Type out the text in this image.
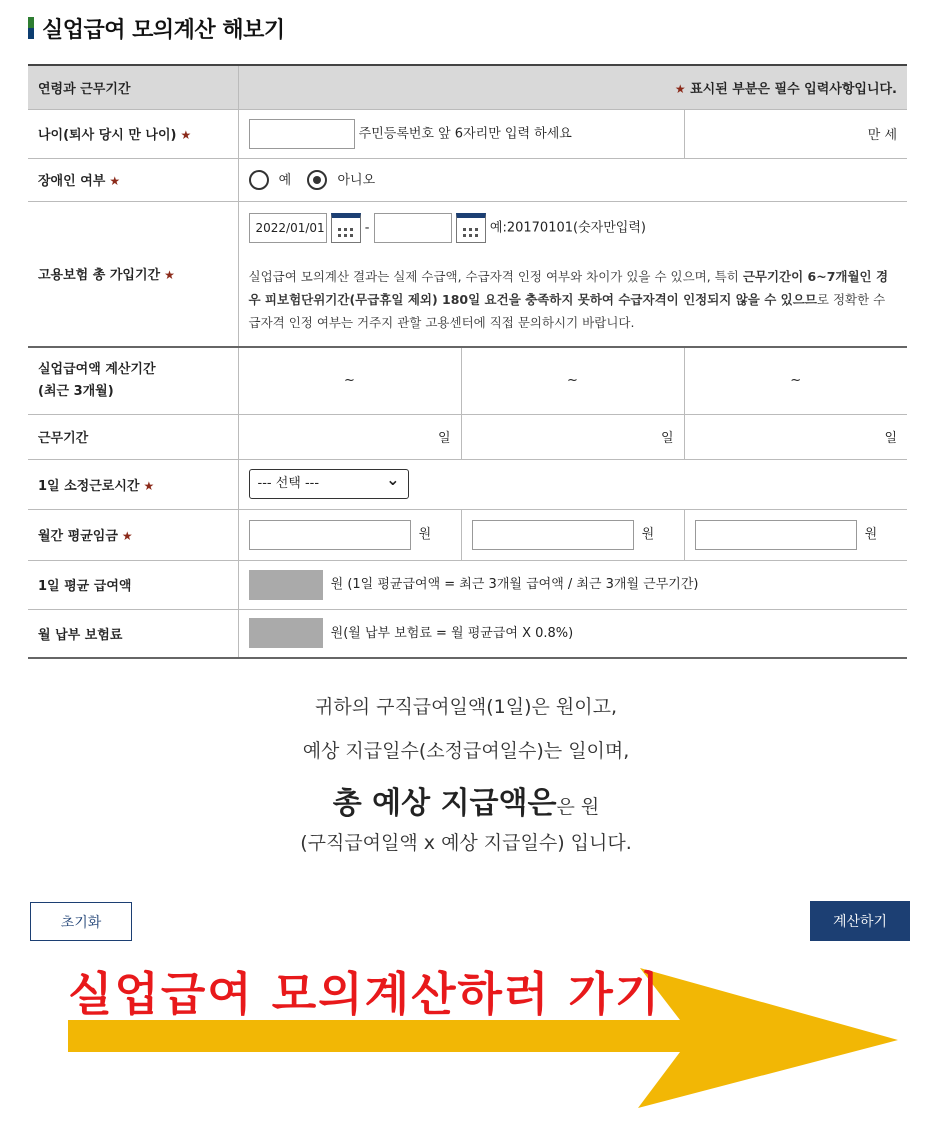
실업급여 모의계산 해보기
연령과 근무기간	★ 표시된 부분은 필수 입력사항입니다.		
나이(퇴사 당시 만 나이) ★	주민등록번호 앞 6자리만 입력 하세요		만 세
장애인 여부 ★	예 아니오		
고용보험 총 가입기간 ★	2022/01/01 - 예:20170101(숫자만입력)
실업급여 모의계산 결과는 실제 수급액, 수급자격 인정 여부와 차이가 있을 수 있으며, 특히 근무기간이 6~7개월인 경우 피보험단위기간(무급휴일 제외) 180일 요건을 충족하지 못하여 수급자격이 인정되지 않을 수 있으므로 정확한 수급자격 인정 여부는 거주지 관할 고용센터에 직접 문의하시기 바랍니다.		

실업급여액 계산기간
(최근 3개월)	~	~	~
근무기간	일	일	일
1일 소정근로시간 ★	--- 선택 --- ⌄
월간 평균임금 ★	원	원	원
1일 평균 급여액	원 (1일 평균급여액 = 최근 3개월 급여액 / 최근 3개월 근무기간)		
월 납부 보험료	원(월 납부 보험료 = 월 평균급여 X 0.8%)		
귀하의 구직급여일액(1일)은 원이고,
예상 지급일수(소정급여일수)는 일이며,
총 예상 지급액은은 원
(구직급여일액 x 예상 지급일수) 입니다.
초기화	계산하기
실업급여 모의계산하러 가기
